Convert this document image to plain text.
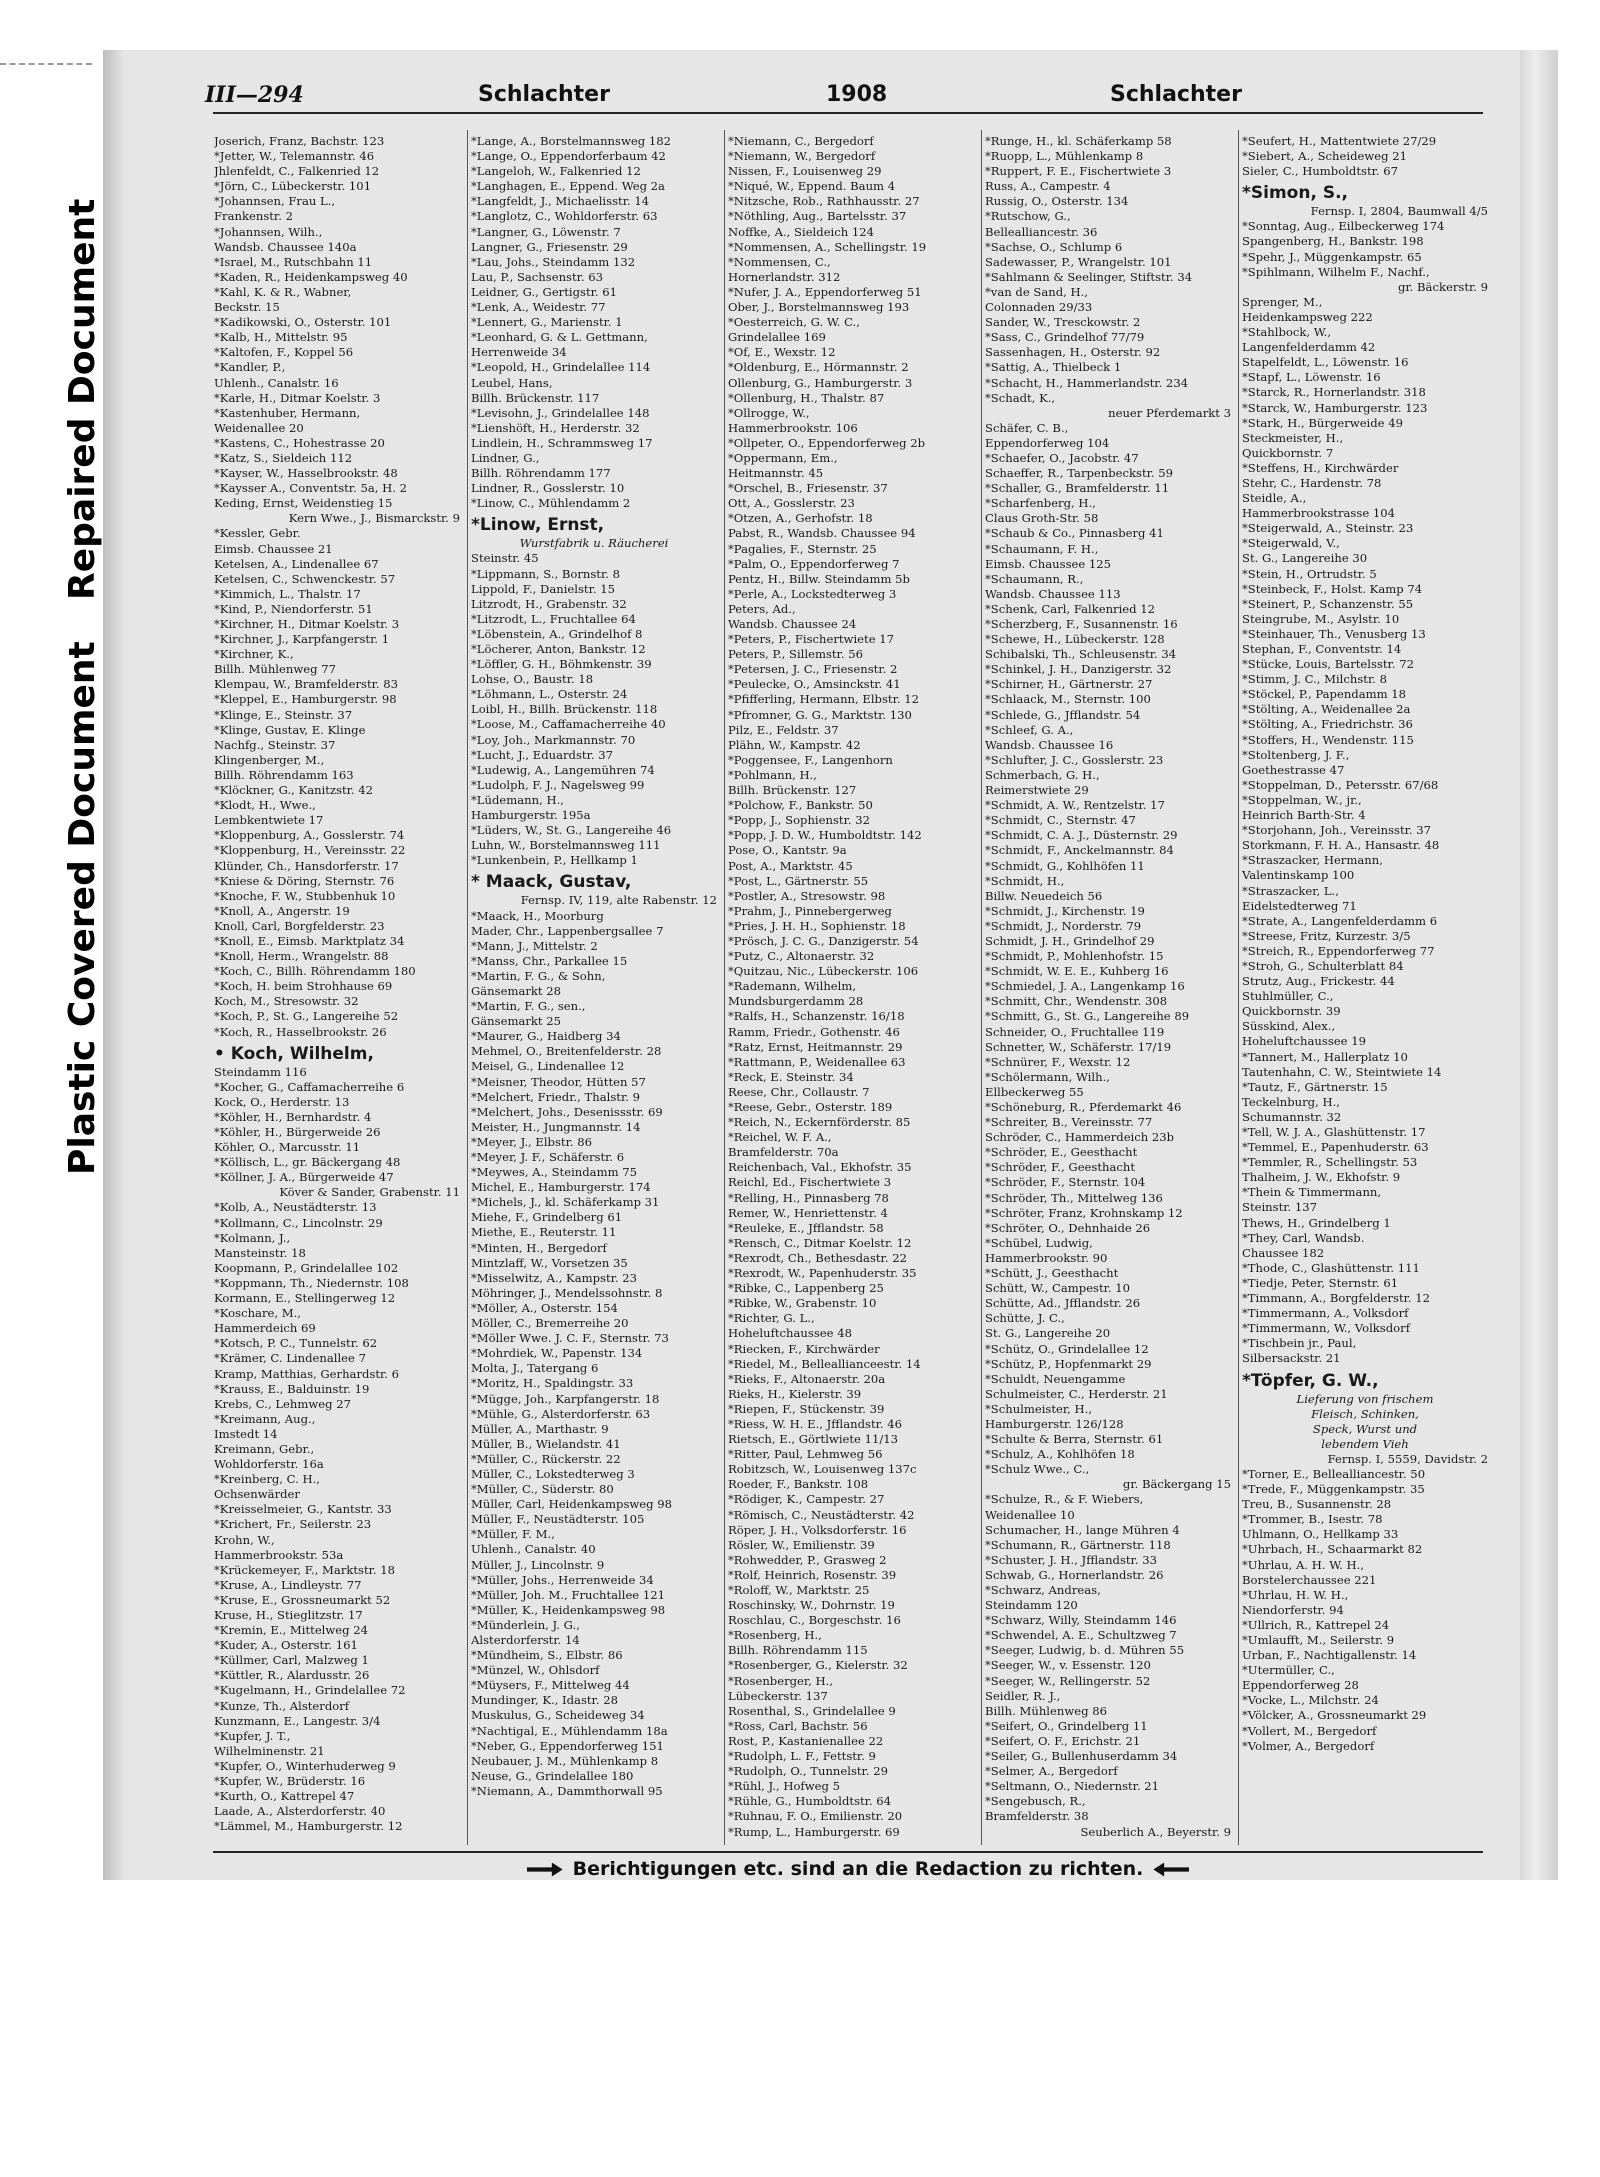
Repaired Document
Plastic Covered Document
III—294	Schlachter	1908	Schlachter
Joserich, Franz, Bachstr. 123
*Jetter, W., Telemannstr. 46
Jhlenfeldt, C., Falkenried 12
*Jörn, C., Lübeckerstr. 101
*Johannsen, Frau L.,
Frankenstr. 2
*Johannsen, Wilh.,
Wandsb. Chaussee 140a
*Israel, M., Rutschbahn 11
*Kaden, R., Heidenkampsweg 40
*Kahl, K. & R., Wabner,
Beckstr. 15
*Kadikowski, O., Osterstr. 101
*Kalb, H., Mittelstr. 95
*Kaltofen, F., Koppel 56
*Kandler, P.,
Uhlenh., Canalstr. 16
*Karle, H., Ditmar Koelstr. 3
*Kastenhuber, Hermann,
Weidenallee 20
*Kastens, C., Hohestrasse 20
*Katz, S., Sieldeich 112
*Kayser, W., Hasselbrookstr. 48
*Kaysser A., Conventstr. 5a, H. 2
Keding, Ernst, Weidenstieg 15
Kern Wwe., J., Bismarckstr. 9
*Kessler, Gebr.
Eimsb. Chaussee 21
Ketelsen, A., Lindenallee 67
Ketelsen, C., Schwenckestr. 57
*Kimmich, L., Thalstr. 17
*Kind, P., Niendorferstr. 51
*Kirchner, H., Ditmar Koelstr. 3
*Kirchner, J., Karpfangerstr. 1
*Kirchner, K.,
Billh. Mühlenweg 77
Klempau, W., Bramfelderstr. 83
*Kleppel, E., Hamburgerstr. 98
*Klinge, E., Steinstr. 37
*Klinge, Gustav, E. Klinge
Nachfg., Steinstr. 37
Klingenberger, M.,
Billh. Röhrendamm 163
*Klöckner, G., Kanitzstr. 42
*Klodt, H., Wwe.,
Lembkentwiete 17
*Kloppenburg, A., Gosslerstr. 74
*Kloppenburg, H., Vereinsstr. 22
Klünder, Ch., Hansdorferstr. 17
*Kniese & Döring, Sternstr. 76
*Knoche, F. W., Stubbenhuk 10
*Knoll, A., Angerstr. 19
Knoll, Carl, Borgfelderstr. 23
*Knoll, E., Eimsb. Marktplatz 34
*Knoll, Herm., Wrangelstr. 88
*Koch, C., Billh. Röhrendamm 180
*Koch, H. beim Strohhause 69
Koch, M., Stresowstr. 32
*Koch, P., St. G., Langereihe 52
*Koch, R., Hasselbrookstr. 26
• Koch, Wilhelm,
Steindamm 116
*Kocher, G., Caffamacherreihe 6
Kock, O., Herderstr. 13
*Köhler, H., Bernhardstr. 4
*Köhler, H., Bürgerweide 26
Köhler, O., Marcusstr. 11
*Köllisch, L., gr. Bäckergang 48
*Köllner, J. A., Bürgerweide 47
Köver & Sander, Grabenstr. 11
*Kolb, A., Neustädterstr. 13
*Kollmann, C., Lincolnstr. 29
*Kolmann, J.,
Mansteinstr. 18
Koopmann, P., Grindelallee 102
*Koppmann, Th., Niedernstr. 108
Kormann, E., Stellingerweg 12
*Koschare, M.,
Hammerdeich 69
*Kotsch, P. C., Tunnelstr. 62
*Krämer, C. Lindenallee 7
Kramp, Matthias, Gerhardstr. 6
*Krauss, E., Balduinstr. 19
Krebs, C., Lehmweg 27
*Kreimann, Aug.,
Imstedt 14
Kreimann, Gebr.,
Wohldorferstr. 16a
*Kreinberg, C. H.,
Ochsenwärder
*Kreisselmeier, G., Kantstr. 33
*Krichert, Fr., Seilerstr. 23
Krohn, W.,
Hammerbrookstr. 53a
*Krückemeyer, F., Marktstr. 18
*Kruse, A., Lindleystr. 77
*Kruse, E., Grossneumarkt 52
Kruse, H., Stieglitzstr. 17
*Kremin, E., Mittelweg 24
*Kuder, A., Osterstr. 161
*Küllmer, Carl, Malzweg 1
*Küttler, R., Alardusstr. 26
*Kugelmann, H., Grindelallee 72
*Kunze, Th., Alsterdorf
Kunzmann, E., Langestr. 3/4
*Kupfer, J. T.,
Wilhelminenstr. 21
*Kupfer, O., Winterhuderweg 9
*Kupfer, W., Brüderstr. 16
*Kurth, O., Kattrepel 47
Laade, A., Alsterdorferstr. 40
*Lämmel, M., Hamburgerstr. 12
*Lange, A., Borstelmannsweg 182
*Lange, O., Eppendorferbaum 42
*Langeloh, W., Falkenried 12
*Langhagen, E., Eppend. Weg 2a
*Langfeldt, J., Michaelisstr. 14
*Langlotz, C., Wohldorferstr. 63
*Langner, G., Löwenstr. 7
Langner, G., Friesenstr. 29
*Lau, Johs., Steindamm 132
Lau, P., Sachsenstr. 63
Leidner, G., Gertigstr. 61
*Lenk, A., Weidestr. 77
*Lennert, G., Marienstr. 1
*Leonhard, G. & L. Gettmann,
Herrenweide 34
*Leopold, H., Grindelallee 114
Leubel, Hans,
Billh. Brückenstr. 117
*Levisohn, J., Grindelallee 148
*Lienshöft, H., Herderstr. 32
Lindlein, H., Schrammsweg 17
Lindner, G.,
Billh. Röhrendamm 177
Lindner, R., Gosslerstr. 10
*Linow, C., Mühlendamm 2
*Linow, Ernst,
Wurstfabrik u. Räucherei
Steinstr. 45
*Lippmann, S., Bornstr. 8
Lippold, F., Danielstr. 15
Litzrodt, H., Grabenstr. 32
*Litzrodt, L., Fruchtallee 64
*Löbenstein, A., Grindelhof 8
*Löcherer, Anton, Bankstr. 12
*Löffler, G. H., Böhmkenstr. 39
Lohse, O., Baustr. 18
*Löhmann, L., Osterstr. 24
Loibl, H., Billh. Brückenstr. 118
*Loose, M., Caffamacherreihe 40
*Loy, Joh., Markmannstr. 70
*Lucht, J., Eduardstr. 37
*Ludewig, A., Langemühren 74
*Ludolph, F. J., Nagelsweg 99
*Lüdemann, H.,
Hamburgerstr. 195a
*Lüders, W., St. G., Langereihe 46
Luhn, W., Borstelmannsweg 111
*Lunkenbein, P., Hellkamp 1
* Maack, Gustav,
Fernsp. IV, 119, alte Rabenstr. 12
*Maack, H., Moorburg
Mader, Chr., Lappenbergsallee 7
*Mann, J., Mittelstr. 2
*Manss, Chr., Parkallee 15
*Martin, F. G., & Sohn,
Gänsemarkt 28
*Martin, F. G., sen.,
Gänsemarkt 25
*Maurer, G., Haidberg 34
Mehmel, O., Breitenfelderstr. 28
Meisel, G., Lindenallee 12
*Meisner, Theodor, Hütten 57
*Melchert, Friedr., Thalstr. 9
*Melchert, Johs., Desenissstr. 69
Meister, H., Jungmannstr. 14
*Meyer, J., Elbstr. 86
*Meyer, J. F., Schäferstr. 6
*Meywes, A., Steindamm 75
Michel, E., Hamburgerstr. 174
*Michels, J., kl. Schäferkamp 31
Miehe, F., Grindelberg 61
Miethe, E., Reuterstr. 11
*Minten, H., Bergedorf
Mintzlaff, W., Vorsetzen 35
*Misselwitz, A., Kampstr. 23
Möhringer, J., Mendelssohnstr. 8
*Möller, A., Osterstr. 154
Möller, C., Bremerreihe 20
*Möller Wwe. J. C. F., Sternstr. 73
*Mohrdiek, W., Papenstr. 134
Molta, J., Tatergang 6
*Moritz, H., Spaldingstr. 33
*Mügge, Joh., Karpfangerstr. 18
*Mühle, G., Alsterdorferstr. 63
Müller, A., Marthastr. 9
Müller, B., Wielandstr. 41
*Müller, C., Rückerstr. 22
Müller, C., Lokstedterweg 3
*Müller, C., Süderstr. 80
Müller, Carl, Heidenkampsweg 98
Müller, F., Neustädterstr. 105
*Müller, F. M.,
Uhlenh., Canalstr. 40
Müller, J., Lincolnstr. 9
*Müller, Johs., Herrenweide 34
*Müller, Joh. M., Fruchtallee 121
*Müller, K., Heidenkampsweg 98
*Münderlein, J. G.,
Alsterdorferstr. 14
*Mündheim, S., Elbstr. 86
*Münzel, W., Ohlsdorf
*Müysers, F., Mittelweg 44
Mundinger, K., Idastr. 28
Muskulus, G., Scheideweg 34
*Nachtigal, E., Mühlendamm 18a
*Neber, G., Eppendorferweg 151
Neubauer, J. M., Mühlenkamp 8
Neuse, G., Grindelallee 180
*Niemann, A., Dammthorwall 95
*Niemann, C., Bergedorf
*Niemann, W., Bergedorf
Nissen, F., Louisenweg 29
*Niqué, W., Eppend. Baum 4
*Nitzsche, Rob., Rathhausstr. 27
*Nöthling, Aug., Bartelsstr. 37
Noffke, A., Sieldeich 124
*Nommensen, A., Schellingstr. 19
*Nommensen, C.,
Hornerlandstr. 312
*Nufer, J. A., Eppendorferweg 51
Ober, J., Borstelmannsweg 193
*Oesterreich, G. W. C.,
Grindelallee 169
*Of, E., Wexstr. 12
*Oldenburg, E., Hörmannstr. 2
Ollenburg, G., Hamburgerstr. 3
*Ollenburg, H., Thalstr. 87
*Ollrogge, W.,
Hammerbrookstr. 106
*Ollpeter, O., Eppendorferweg 2b
*Oppermann, Em.,
Heitmannstr. 45
*Orschel, B., Friesenstr. 37
Ott, A., Gosslerstr. 23
*Otzen, A., Gerhofstr. 18
Pabst, R., Wandsb. Chaussee 94
*Pagalies, F., Sternstr. 25
*Palm, O., Eppendorferweg 7
Pentz, H., Billw. Steindamm 5b
*Perle, A., Lockstedterweg 3
Peters, Ad.,
Wandsb. Chaussee 24
*Peters, P., Fischertwiete 17
Peters, P., Sillemstr. 56
*Petersen, J. C., Friesenstr. 2
*Peulecke, O., Amsinckstr. 41
*Pfifferling, Hermann, Elbstr. 12
*Pfromner, G. G., Marktstr. 130
Pilz, E., Feldstr. 37
Plähn, W., Kampstr. 42
*Poggensee, F., Langenhorn
*Pohlmann, H.,
Billh. Brückenstr. 127
*Polchow, F., Bankstr. 50
*Popp, J., Sophienstr. 32
*Popp, J. D. W., Humboldtstr. 142
Pose, O., Kantstr. 9a
Post, A., Marktstr. 45
*Post, L., Gärtnerstr. 55
*Postler, A., Stresowstr. 98
*Prahm, J., Pinnebergerweg
*Pries, J. H. H., Sophienstr. 18
*Prösch, J. C. G., Danzigerstr. 54
*Putz, C., Altonaerstr. 32
*Quitzau, Nic., Lübeckerstr. 106
*Rademann, Wilhelm,
Mundsburgerdamm 28
*Ralfs, H., Schanzenstr. 16/18
Ramm, Friedr., Gothenstr. 46
*Ratz, Ernst, Heitmannstr. 29
*Rattmann, P., Weidenallee 63
*Reck, E. Steinstr. 34
Reese, Chr., Collaustr. 7
*Reese, Gebr., Osterstr. 189
*Reich, N., Eckernförderstr. 85
*Reichel, W. F. A.,
Bramfelderstr. 70a
Reichenbach, Val., Ekhofstr. 35
Reichl, Ed., Fischertwiete 3
*Relling, H., Pinnasberg 78
Remer, W., Henriettenstr. 4
*Reuleke, E., Jfflandstr. 58
*Rensch, C., Ditmar Koelstr. 12
*Rexrodt, Ch., Bethesdastr. 22
*Rexrodt, W., Papenhuderstr. 35
*Ribke, C., Lappenberg 25
*Ribke, W., Grabenstr. 10
*Richter, G. L.,
Hoheluftchaussee 48
*Riecken, F., Kirchwärder
*Riedel, M., Belleallianceestr. 14
*Rieks, F., Altonaerstr. 20a
Rieks, H., Kielerstr. 39
*Riepen, F., Stückenstr. 39
*Riess, W. H. E., Jfflandstr. 46
Rietsch, E., Görtlwiete 11/13
*Ritter, Paul, Lehmweg 56
Robitzsch, W., Louisenweg 137c
Roeder, F., Bankstr. 108
*Rödiger, K., Campestr. 27
*Römisch, C., Neustädterstr. 42
Röper, J. H., Volksdorferstr. 16
Rösler, W., Emilienstr. 39
*Rohwedder, P., Grasweg 2
*Rolf, Heinrich, Rosenstr. 39
*Roloff, W., Marktstr. 25
Roschinsky, W., Dohrnstr. 19
Roschlau, C., Borgeschstr. 16
*Rosenberg, H.,
Billh. Röhrendamm 115
*Rosenberger, G., Kielerstr. 32
*Rosenberger, H.,
Lübeckerstr. 137
Rosenthal, S., Grindelallee 9
*Ross, Carl, Bachstr. 56
Rost, P., Kastanienallee 22
*Rudolph, L. F., Fettstr. 9
*Rudolph, O., Tunnelstr. 29
*Rühl, J., Hofweg 5
*Rühle, G., Humboldtstr. 64
*Ruhnau, F. O., Emilienstr. 20
*Rump, L., Hamburgerstr. 69
*Runge, H., kl. Schäferkamp 58
*Ruopp, L., Mühlenkamp 8
*Ruppert, F. E., Fischertwiete 3
Russ, A., Campestr. 4
Russig, O., Osterstr. 134
*Rutschow, G.,
Bellealliancestr. 36
*Sachse, O., Schlump 6
Sadewasser, P., Wrangelstr. 101
*Sahlmann & Seelinger, Stiftstr. 34
*van de Sand, H.,
Colonnaden 29/33
Sander, W., Tresckowstr. 2
*Sass, C., Grindelhof 77/79
Sassenhagen, H., Osterstr. 92
*Sattig, A., Thielbeck 1
*Schacht, H., Hammerlandstr. 234
*Schadt, K.,
neuer Pferdemarkt 3
Schäfer, C. B.,
Eppendorferweg 104
*Schaefer, O., Jacobstr. 47
Schaeffer, R., Tarpenbeckstr. 59
*Schaller, G., Bramfelderstr. 11
*Scharfenberg, H.,
Claus Groth-Str. 58
*Schaub & Co., Pinnasberg 41
*Schaumann, F. H.,
Eimsb. Chaussee 125
*Schaumann, R.,
Wandsb. Chaussee 113
*Schenk, Carl, Falkenried 12
*Scherzberg, F., Susannenstr. 16
*Schewe, H., Lübeckerstr. 128
Schibalski, Th., Schleusenstr. 34
*Schinkel, J. H., Danzigerstr. 32
*Schirner, H., Gärtnerstr. 27
*Schlaack, M., Sternstr. 100
*Schlede, G., Jfflandstr. 54
*Schleef, G. A.,
Wandsb. Chaussee 16
*Schlufter, J. C., Gosslerstr. 23
Schmerbach, G. H.,
Reimerstwiete 29
*Schmidt, A. W., Rentzelstr. 17
*Schmidt, C., Sternstr. 47
*Schmidt, C. A. J., Düsternstr. 29
*Schmidt, F., Anckelmannstr. 84
*Schmidt, G., Kohlhöfen 11
*Schmidt, H.,
Billw. Neuedeich 56
*Schmidt, J., Kirchenstr. 19
*Schmidt, J., Norderstr. 79
Schmidt, J. H., Grindelhof 29
*Schmidt, P., Mohlenhofstr. 15
*Schmidt, W. E. E., Kuhberg 16
*Schmiedel, J. A., Langenkamp 16
*Schmitt, Chr., Wendenstr. 308
*Schmitt, G., St. G., Langereihe 89
Schneider, O., Fruchtallee 119
Schnetter, W., Schäferstr. 17/19
*Schnürer, F., Wexstr. 12
*Schölermann, Wilh.,
Ellbeckerweg 55
*Schöneburg, R., Pferdemarkt 46
*Schreiter, B., Vereinsstr. 77
Schröder, C., Hammerdeich 23b
*Schröder, E., Geesthacht
*Schröder, F., Geesthacht
*Schröder, F., Sternstr. 104
*Schröder, Th., Mittelweg 136
*Schröter, Franz, Krohnskamp 12
*Schröter, O., Dehnhaide 26
*Schübel, Ludwig,
Hammerbrookstr. 90
*Schütt, J., Geesthacht
Schütt, W., Campestr. 10
Schütte, Ad., Jfflandstr. 26
Schütte, J. C.,
St. G., Langereihe 20
*Schütz, O., Grindelallee 12
*Schütz, P., Hopfenmarkt 29
*Schuldt, Neuengamme
Schulmeister, C., Herderstr. 21
*Schulmeister, H.,
Hamburgerstr. 126/128
*Schulte & Berra, Sternstr. 61
*Schulz, A., Kohlhöfen 18
*Schulz Wwe., C.,
gr. Bäckergang 15
*Schulze, R., & F. Wiebers,
Weidenallee 10
Schumacher, H., lange Mühren 4
*Schumann, R., Gärtnerstr. 118
*Schuster, J. H., Jfflandstr. 33
Schwab, G., Hornerlandstr. 26
*Schwarz, Andreas,
Steindamm 120
*Schwarz, Willy, Steindamm 146
*Schwendel, A. E., Schultzweg 7
*Seeger, Ludwig, b. d. Mühren 55
*Seeger, W., v. Essenstr. 120
*Seeger, W., Rellingerstr. 52
Seidler, R. J.,
Billh. Mühlenweg 86
*Seifert, O., Grindelberg 11
*Seifert, O. F., Erichstr. 21
*Seiler, G., Bullenhuserdamm 34
*Selmer, A., Bergedorf
*Seltmann, O., Niedernstr. 21
*Sengebusch, R.,
Bramfelderstr. 38
Seuberlich A., Beyerstr. 9
*Seufert, H., Mattentwiete 27/29
*Siebert, A., Scheideweg 21
Sieler, C., Humboldtstr. 67
*Simon, S.,
Fernsp. I, 2804, Baumwall 4/5
*Sonntag, Aug., Eilbeckerweg 174
Spangenberg, H., Bankstr. 198
*Spehr, J., Müggenkampstr. 65
*Spihlmann, Wilhelm F., Nachf.,
gr. Bäckerstr. 9
Sprenger, M.,
Heidenkampsweg 222
*Stahlbock, W.,
Langenfelderdamm 42
Stapelfeldt, L., Löwenstr. 16
*Stapf, L., Löwenstr. 16
*Starck, R., Hornerlandstr. 318
*Starck, W., Hamburgerstr. 123
*Stark, H., Bürgerweide 49
Steckmeister, H.,
Quickbornstr. 7
*Steffens, H., Kirchwärder
Stehr, C., Hardenstr. 78
Steidle, A.,
Hammerbrookstrasse 104
*Steigerwald, A., Steinstr. 23
*Steigerwald, V.,
St. G., Langereihe 30
*Stein, H., Ortrudstr. 5
*Steinbeck, F., Holst. Kamp 74
*Steinert, P., Schanzenstr. 55
Steingrube, M., Asylstr. 10
*Steinhauer, Th., Venusberg 13
Stephan, F., Conventstr. 14
*Stücke, Louis, Bartelsstr. 72
*Stimm, J. C., Milchstr. 8
*Stöckel, P., Papendamm 18
*Stölting, A., Weidenallee 2a
*Stölting, A., Friedrichstr. 36
*Stoffers, H., Wendenstr. 115
*Stoltenberg, J. F.,
Goethestrasse 47
*Stoppelman, D., Petersstr. 67/68
*Stoppelman, W., jr.,
Heinrich Barth-Str. 4
*Storjohann, Joh., Vereinsstr. 37
Storkmann, F. H. A., Hansastr. 48
*Straszacker, Hermann,
Valentinskamp 100
*Straszacker, L.,
Eidelstedterweg 71
*Strate, A., Langenfelderdamm 6
*Streese, Fritz, Kurzestr. 3/5
*Streich, R., Eppendorferweg 77
*Stroh, G., Schulterblatt 84
Strutz, Aug., Frickestr. 44
Stuhlmüller, C.,
Quickbornstr. 39
Süsskind, Alex.,
Hoheluftchaussee 19
*Tannert, M., Hallerplatz 10
Tautenhahn, C. W., Steintwiete 14
*Tautz, F., Gärtnerstr. 15
Teckelnburg, H.,
Schumannstr. 32
*Tell, W. J. A., Glashüttenstr. 17
*Temmel, E., Papenhuderstr. 63
*Temmler, R., Schellingstr. 53
Thalheim, J. W., Ekhofstr. 9
*Thein & Timmermann,
Steinstr. 137
Thews, H., Grindelberg 1
*They, Carl, Wandsb.
Chaussee 182
*Thode, C., Glashüttenstr. 111
*Tiedje, Peter, Sternstr. 61
*Timmann, A., Borgfelderstr. 12
*Timmermann, A., Volksdorf
*Timmermann, W., Volksdorf
*Tischbein jr., Paul,
Silbersackstr. 21
*Töpfer, G. W.,
Lieferung von frischem
Fleisch, Schinken,
Speck, Wurst und
lebendem Vieh
Fernsp. I, 5559, Davidstr. 2
*Torner, E., Bellealliancestr. 50
*Trede, F., Müggenkampstr. 35
Treu, B., Susannenstr. 28
*Trommer, B., Isestr. 78
Uhlmann, O., Hellkamp 33
*Uhrbach, H., Schaarmarkt 82
*Uhrlau, A. H. W. H.,
Borstelerchaussee 221
*Uhrlau, H. W. H.,
Niendorferstr. 94
*Ullrich, R., Kattrepel 24
*Umlaufft, M., Seilerstr. 9
Urban, F., Nachtigallenstr. 14
*Utermüller, C.,
Eppendorferweg 28
*Vocke, L., Milchstr. 24
*Völcker, A., Grossneumarkt 29
*Vollert, M., Bergedorf
*Volmer, A., Bergedorf
Berichtigungen etc. sind an die Redaction zu richten.
